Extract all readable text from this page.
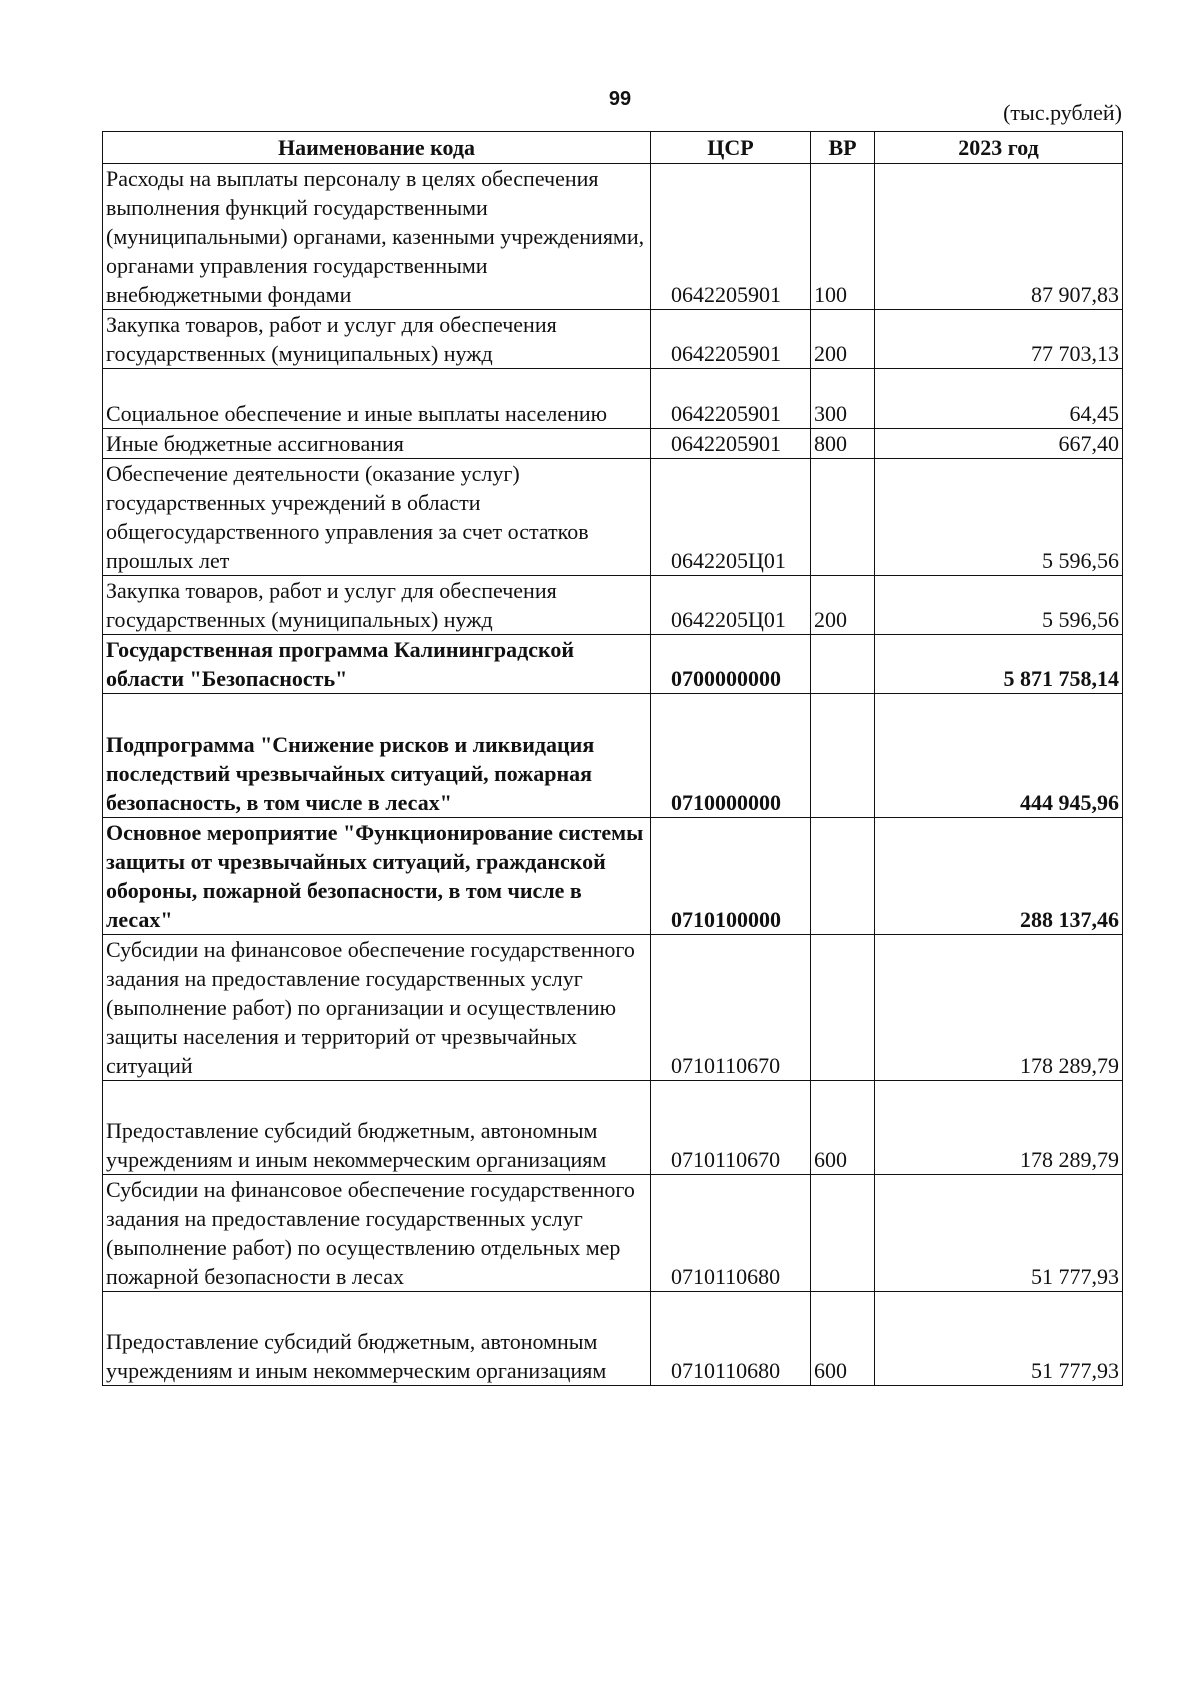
99
(тыс.рублей)
Наименование кода	ЦСР	ВР	2023 год
Расходы на выплаты персоналу в целях обеспечения выполнения функций государственными (муниципальными) органами, казенными учреждениями, органами управления государственными внебюджетными фондами	0642205901	100	87 907,83
Закупка товаров, работ и услуг для обеспечения государственных (муниципальных) нужд	0642205901	200	77 703,13
Социальное обеспечение и иные выплаты населению	0642205901	300	64,45
Иные бюджетные ассигнования	0642205901	800	667,40
Обеспечение деятельности (оказание услуг) государственных учреждений в области общегосударственного управления за счет остатков прошлых лет	0642205Ц01		5 596,56
Закупка товаров, работ и услуг для обеспечения государственных (муниципальных) нужд	0642205Ц01	200	5 596,56
Государственная программа Калининградской области "Безопасность"	0700000000		5 871 758,14
Подпрограмма "Снижение рисков и ликвидация последствий чрезвычайных ситуаций, пожарная безопасность, в том числе в лесах"	0710000000		444 945,96
Основное мероприятие "Функционирование системы защиты от чрезвычайных ситуаций, гражданской обороны, пожарной безопасности, в том числе в лесах"	0710100000		288 137,46
Субсидии на финансовое обеспечение государственного задания на предоставление государственных услуг (выполнение работ) по организации и осуществлению защиты населения и территорий от чрезвычайных ситуаций	0710110670		178 289,79
Предоставление субсидий бюджетным, автономным учреждениям и иным некоммерческим организациям	0710110670	600	178 289,79
Субсидии на финансовое обеспечение государственного задания на предоставление государственных услуг (выполнение работ) по осуществлению отдельных мер пожарной безопасности в лесах	0710110680		51 777,93
Предоставление субсидий бюджетным, автономным учреждениям и иным некоммерческим организациям	0710110680	600	51 777,93
